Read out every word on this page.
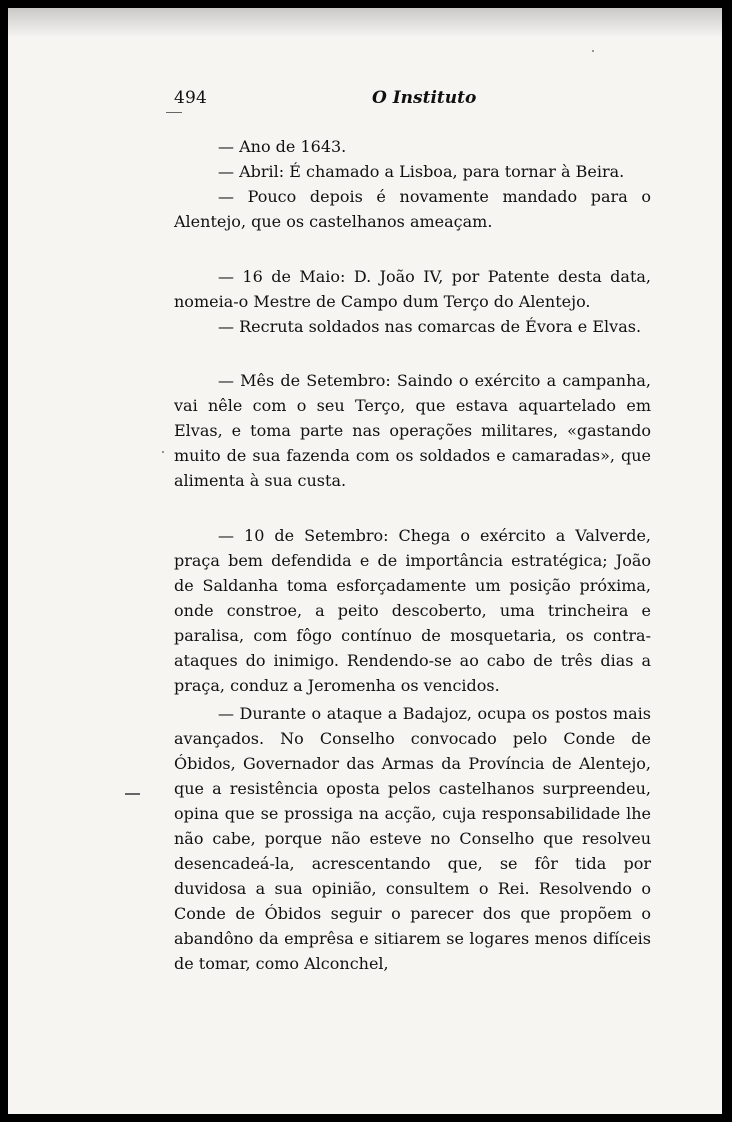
494	O Instituto

— Ano de 1643.

— Abril: É chamado a Lisboa, para tornar à Beira.

— Pouco depois é novamente mandado para o Alentejo, que os castelhanos ameaçam.

— 16 de Maio: D. João IV, por Patente desta data, nomeia-o Mestre de Campo dum Terço do Alentejo.

— Recruta soldados nas comarcas de Évora e Elvas.

— Mês de Setembro: Saindo o exército a campanha, vai nêle com o seu Terço, que estava aquartelado em Elvas, e toma parte nas operações militares, «gastando muito de sua fazenda com os soldados e camaradas», que alimenta à sua custa.

— 10 de Setembro: Chega o exército a Valverde, praça bem defendida e de importância estratégica; João de Saldanha toma esforçadamente um posição próxima, onde constroe, a peito descoberto, uma trincheira e paralisa, com fôgo contínuo de mosquetaria, os contra-ataques do inimigo. Rendendo-se ao cabo de três dias a praça, conduz a Jeromenha os vencidos.

— Durante o ataque a Badajoz, ocupa os postos mais avançados. No Conselho convocado pelo Conde de Óbidos, Governador das Armas da Província de Alentejo, que a resistência oposta pelos castelhanos surpreendeu, opina que se prossiga na acção, cuja responsabilidade lhe não cabe, porque não esteve no Conselho que resolveu desencadeá-la, acrescentando que, se fôr tida por duvidosa a sua opinião, consultem o Rei. Resolvendo o Conde de Óbidos seguir o parecer dos que propõem o abandôno da emprêsa e sitiarem se logares menos difíceis de tomar, como Alconchel,
